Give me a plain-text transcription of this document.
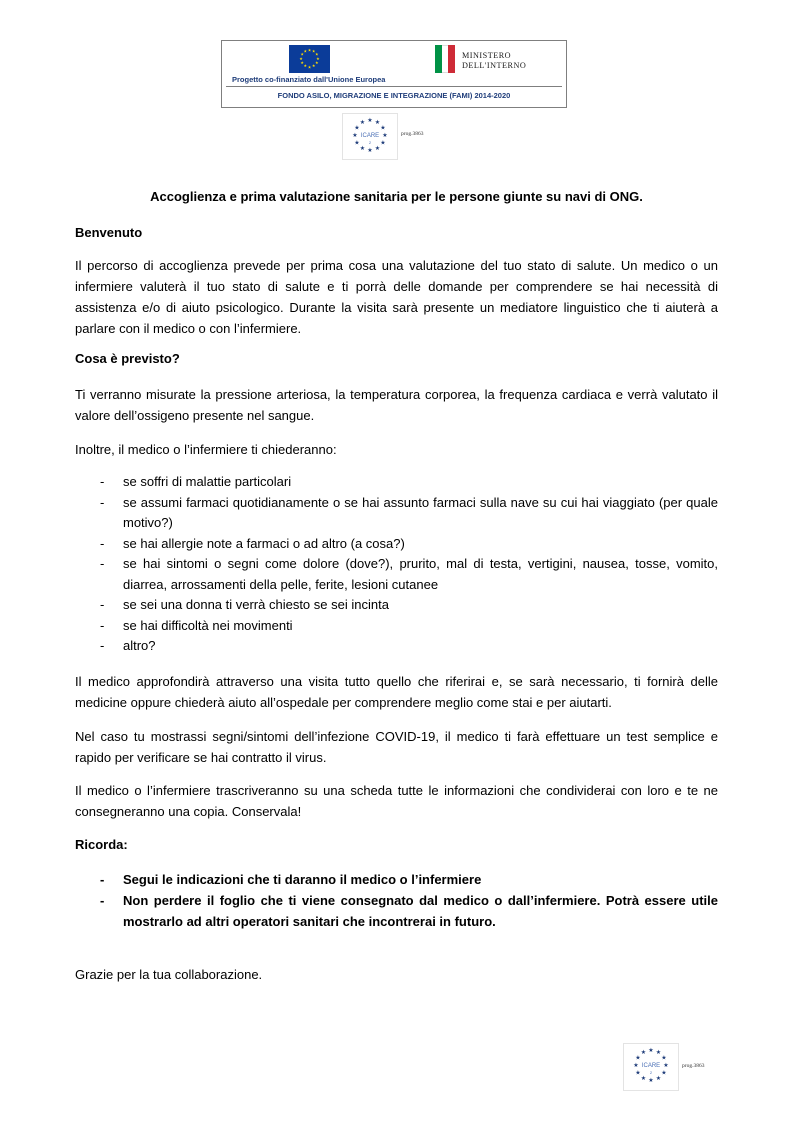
★ ★
★
★
★
★
★
★
★
★
★
★
Progetto co-finanziato dall'Unione Europea
MINISTERO
DELL'INTERNO
FONDO ASILO, MIGRAZIONE E INTEGRAZIONE (FAMI) 2014-2020
★ ★
★
★
★
★
★
★
★
★
★
★
ICARE
2
prog.3863
Accoglienza e prima valutazione sanitaria per le persone giunte su navi di ONG.
Benvenuto

Il percorso di accoglienza prevede per prima cosa una valutazione del tuo stato di salute. Un medico o un infermiere valuterà il tuo stato di salute e ti porrà delle domande per comprendere se hai necessità di assistenza e/o di aiuto psicologico. Durante la visita sarà presente un mediatore linguistico che ti aiuterà a parlare con il medico o con l’infermiere.

Cosa è previsto?

Ti verranno misurate la pressione arteriosa, la temperatura corporea, la frequenza cardiaca e verrà valutato il valore dell’ossigeno presente nel sangue.

Inoltre, il medico o l’infermiere ti chiederanno:

- se soffri di malattie particolari
- se assumi farmaci quotidianamente o se hai assunto farmaci sulla nave su cui hai viaggiato (per quale motivo?)
- se hai allergie note a farmaci o ad altro (a cosa?)
- se hai sintomi o segni come dolore (dove?), prurito, mal di testa, vertigini, nausea, tosse, vomito, diarrea, arrossamenti della pelle, ferite, lesioni cutanee
- se sei una donna ti verrà chiesto se sei incinta
- se hai difficoltà nei movimenti
- altro?

Il medico approfondirà attraverso una visita tutto quello che riferirai e, se sarà necessario, ti fornirà delle medicine oppure chiederà aiuto all’ospedale per comprendere meglio come stai e per aiutarti.

Nel caso tu mostrassi segni/sintomi dell’infezione COVID-19, il medico ti farà effettuare un test semplice e rapido per verificare se hai contratto il virus.

Il medico o l’infermiere trascriveranno su una scheda tutte le informazioni che condividerai con loro e te ne consegneranno una copia. Conservala!

Ricorda:
- Segui le indicazioni che ti daranno il medico o l’infermiere
- Non perdere il foglio che ti viene consegnato dal medico o dall’infermiere. Potrà essere utile mostrarlo ad altri operatori sanitari che incontrerai in futuro.

Grazie per la tua collaborazione.

★ ★
★
★
★
★
★
★
★
★
★
★
ICARE
2
prog.3863
